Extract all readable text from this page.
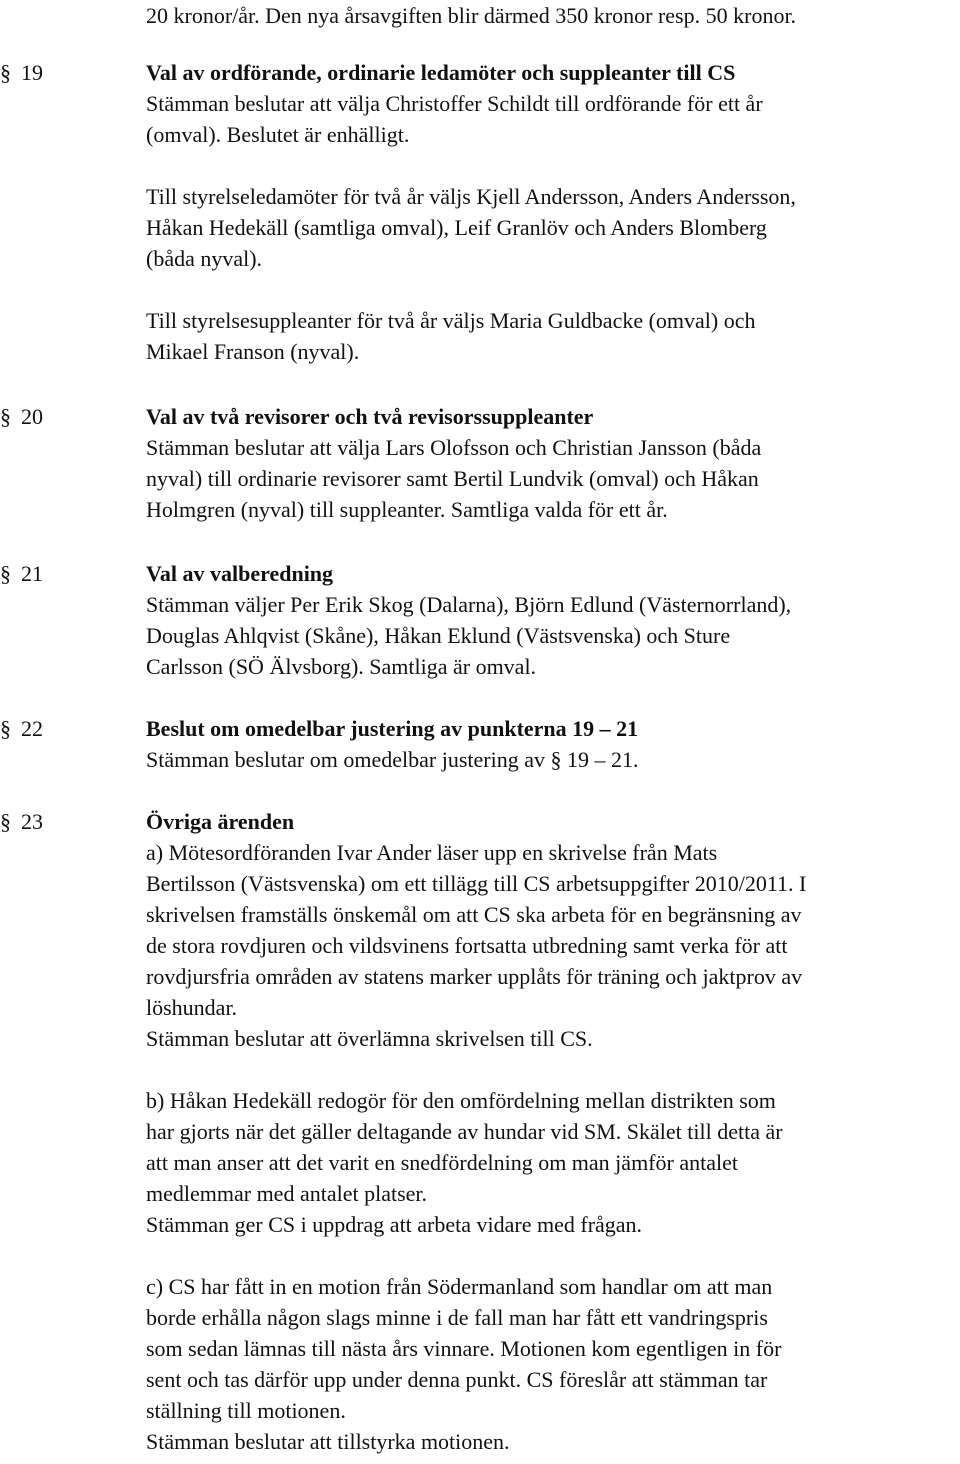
20 kronor/år. Den nya årsavgiften blir därmed 350 kronor resp. 50 kronor.
§ 19	Val av ordförande, ordinarie ledamöter och suppleanter till CS
Stämman beslutar att välja Christoffer Schildt till ordförande för ett år
(omval). Beslutet är enhälligt.
Till styrelseledamöter för två år väljs Kjell Andersson, Anders Andersson,
Håkan Hedekäll (samtliga omval), Leif Granlöv och Anders Blomberg
(båda nyval).
Till styrelsesuppleanter för två år väljs Maria Guldbacke (omval) och
Mikael Franson (nyval).
§ 20	Val av två revisorer och två revisorssuppleanter
Stämman beslutar att välja Lars Olofsson och Christian Jansson (båda
nyval) till ordinarie revisorer samt Bertil Lundvik (omval) och Håkan
Holmgren (nyval) till suppleanter. Samtliga valda för ett år.
§ 21	Val av valberedning
Stämman väljer Per Erik Skog (Dalarna), Björn Edlund (Västernorrland),
Douglas Ahlqvist (Skåne), Håkan Eklund (Västsvenska) och Sture
Carlsson (SÖ Älvsborg). Samtliga är omval.
§ 22	Beslut om omedelbar justering av punkterna 19 – 21
Stämman beslutar om omedelbar justering av § 19 – 21.
§ 23	Övriga ärenden
a) Mötesordföranden Ivar Ander läser upp en skrivelse från Mats
Bertilsson (Västsvenska) om ett tillägg till CS arbetsuppgifter 2010/2011. I
skrivelsen framställs önskemål om att CS ska arbeta för en begränsning av
de stora rovdjuren och vildsvinens fortsatta utbredning samt verka för att
rovdjursfria områden av statens marker upplåts för träning och jaktprov av
löshundar.
Stämman beslutar att överlämna skrivelsen till CS.
b) Håkan Hedekäll redogör för den omfördelning mellan distrikten som
har gjorts när det gäller deltagande av hundar vid SM. Skälet till detta är
att man anser att det varit en snedfördelning om man jämför antalet
medlemmar med antalet platser.
Stämman ger CS i uppdrag att arbeta vidare med frågan.
c) CS har fått in en motion från Södermanland som handlar om att man
borde erhålla någon slags minne i de fall man har fått ett vandringspris
som sedan lämnas till nästa års vinnare. Motionen kom egentligen in för
sent och tas därför upp under denna punkt. CS föreslår att stämman tar
ställning till motionen.
Stämman beslutar att tillstyrka motionen.
